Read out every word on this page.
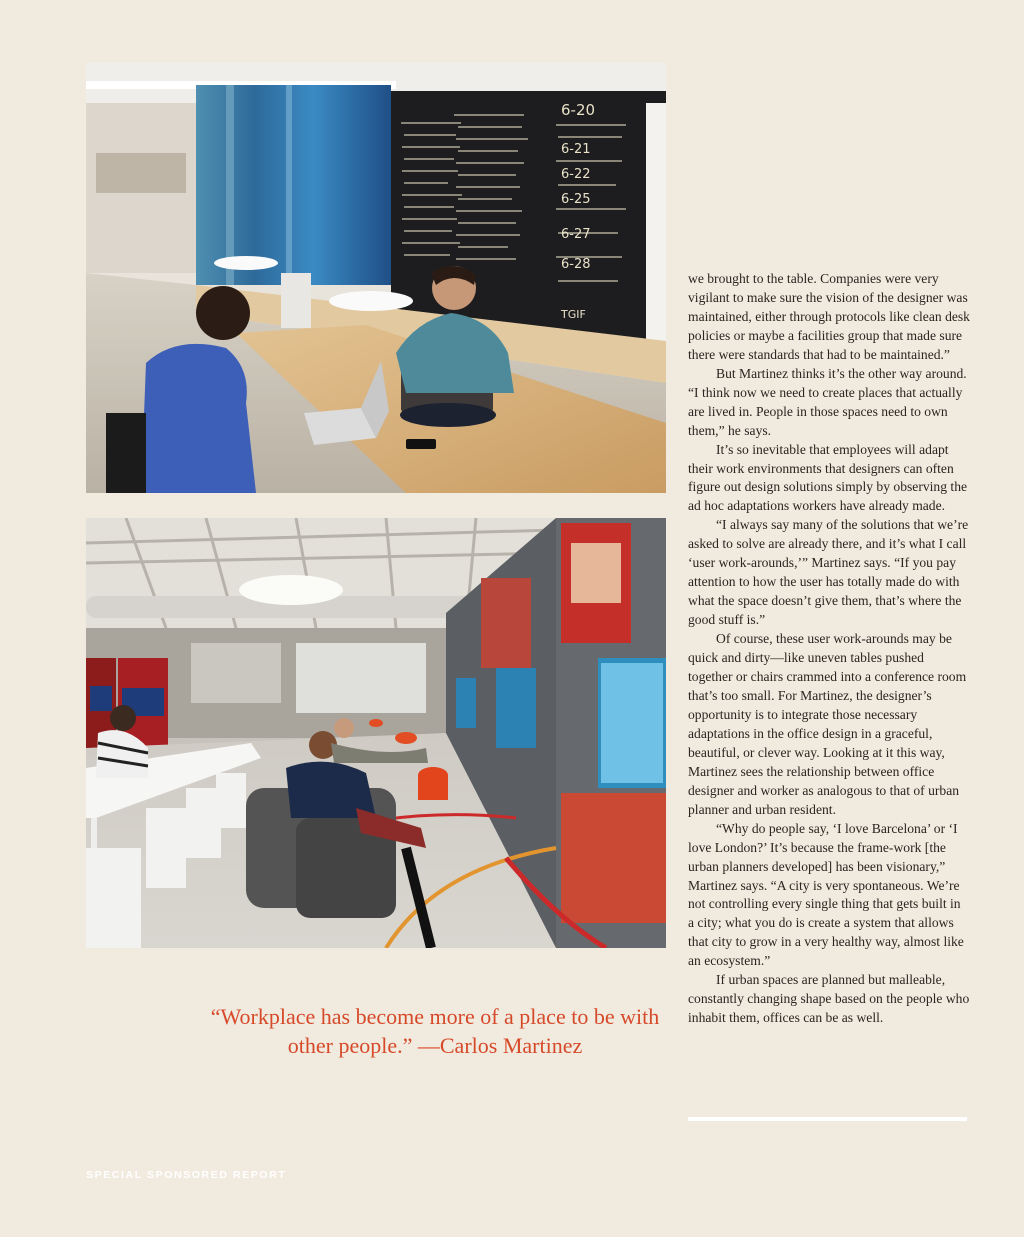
6-20
6-21
6-22
6-25
6-27
6-28
TGIF

we brought to the table. Companies were very vigilant to make sure the vision of the designer was maintained, either through protocols like clean desk policies or maybe a facilities group that made sure there were standards that had to be maintained.”

But Martinez thinks it’s the other way around. “I think now we need to create places that actually are lived in. People in those spaces need to own them,” he says.

It’s so inevitable that employees will adapt their work environments that designers can often figure out design solutions simply by observing the ad hoc adaptations workers have already made.

“I always say many of the solutions that we’re asked to solve are already there, and it’s what I call ‘user work-arounds,’” Martinez says. “If you pay attention to how the user has totally made do with what the space doesn’t give them, that’s where the good stuff is.”

Of course, these user work-arounds may be quick and dirty—like uneven tables pushed together or chairs crammed into a conference room that’s too small. For Martinez, the designer’s opportunity is to integrate those necessary adaptations in the office design in a graceful, beautiful, or clever way. Looking at it this way, Martinez sees the relationship between office designer and worker as analogous to that of urban planner and urban resident.

“Why do people say, ‘I love Barcelona’ or ‘I love London?’ It’s because the frame-work [the urban planners developed] has been visionary,” Martinez says. “A city is very spontaneous. We’re not controlling every single thing that gets built in a city; what you do is create a system that allows that city to grow in a very healthy way, almost like an ecosystem.”

If urban spaces are planned but malleable, constantly changing shape based on the people who inhabit them, offices can be as well.

“Workplace has become more of a place to be with other people.” —Carlos Martinez
SPECIAL SPONSORED REPORT
